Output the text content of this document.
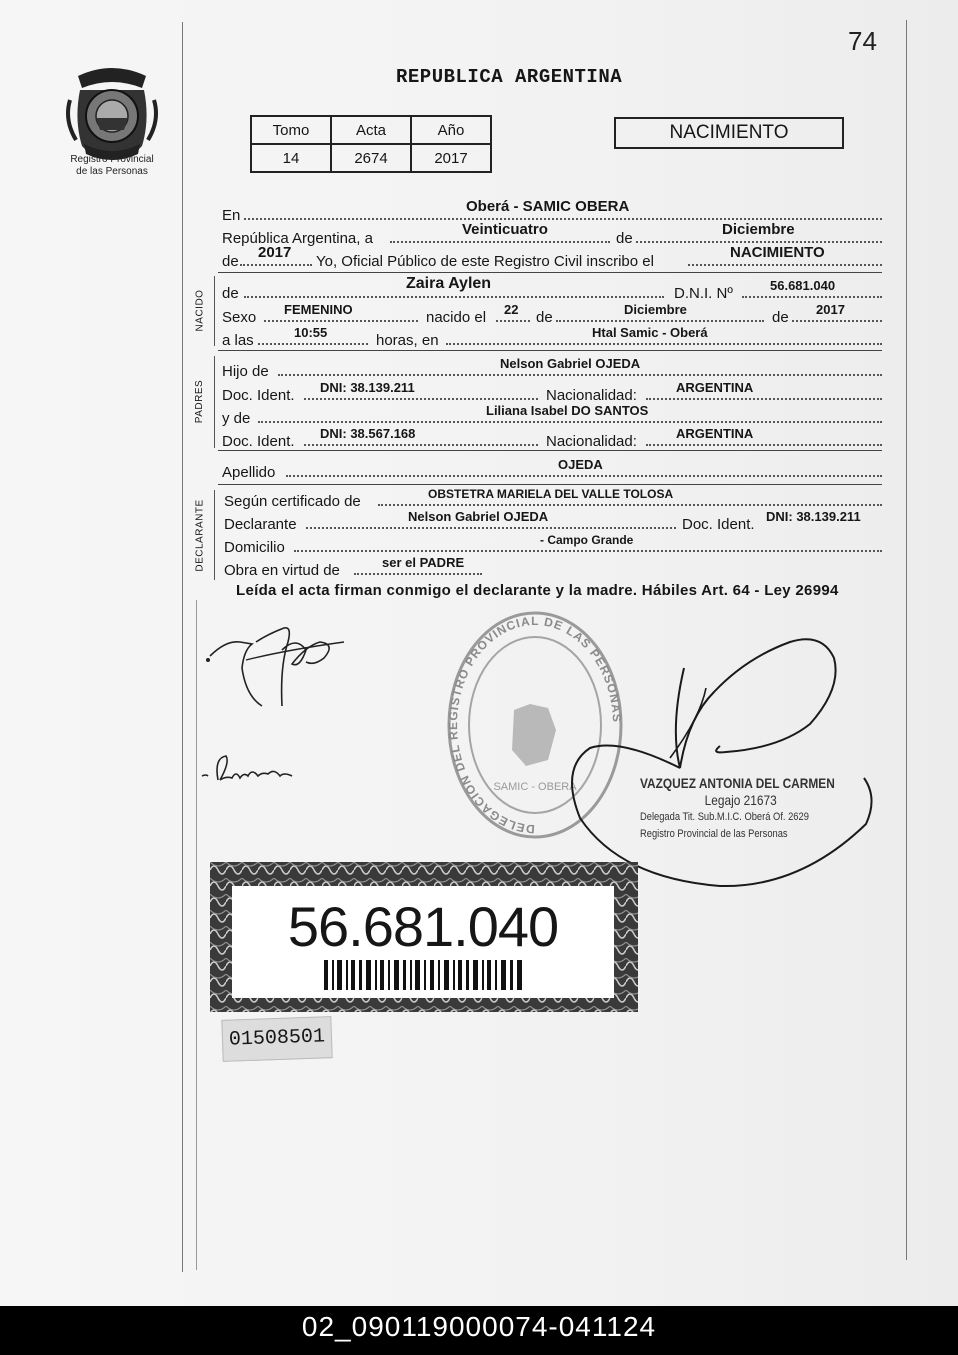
74
Registro Provincial
de las Personas
REPUBLICA ARGENTINA
Tomo	Acta	Año
14	2674	2017
NACIMIENTO
En
Oberá - SAMIC OBERA
República Argentina, a
Veinticuatro
de
Diciembre
de
2017
Yo, Oficial Público de este Registro Civil inscribo el
NACIMIENTO
NACIDO de
Zaira Aylen
D.N.I. Nº	56.681.040
Sexo FEMENINO	nacido el 22 de	Diciembre	de 2017
a las	10:55	horas, en	Htal Samic - Oberá
PADRES
Hijo de	Nelson Gabriel OJEDA
Doc. Ident. DNI: 38.139.211	Nacionalidad:	ARGENTINA
y de	Liliana Isabel DO SANTOS
Doc. Ident. DNI: 38.567.168	Nacionalidad:	ARGENTINA
Apellido	OJEDA
DECLARANTE Según certificado de	OBSTETRA MARIELA DEL VALLE TOLOSA
Declarante	Nelson Gabriel OJEDA	Doc. Ident. DNI: 38.139.211
Domicilio	- Campo Grande
Obra en virtud de	ser el PADRE
Leída el acta firman conmigo el declarante y la madre. Hábiles Art. 64 - Ley 26994
DELEGACION DEL REGISTRO PROVINCIAL DE LAS PERSONAS
SAMIC - OBERA	VAZQUEZ ANTONIA DEL CARMEN
Legajo 21673
Delegada Tit. Sub.M.I.C. Oberá Of. 2629
Registro Provincial de las Personas
56.681.040
01508501
02_090119000074-041124
